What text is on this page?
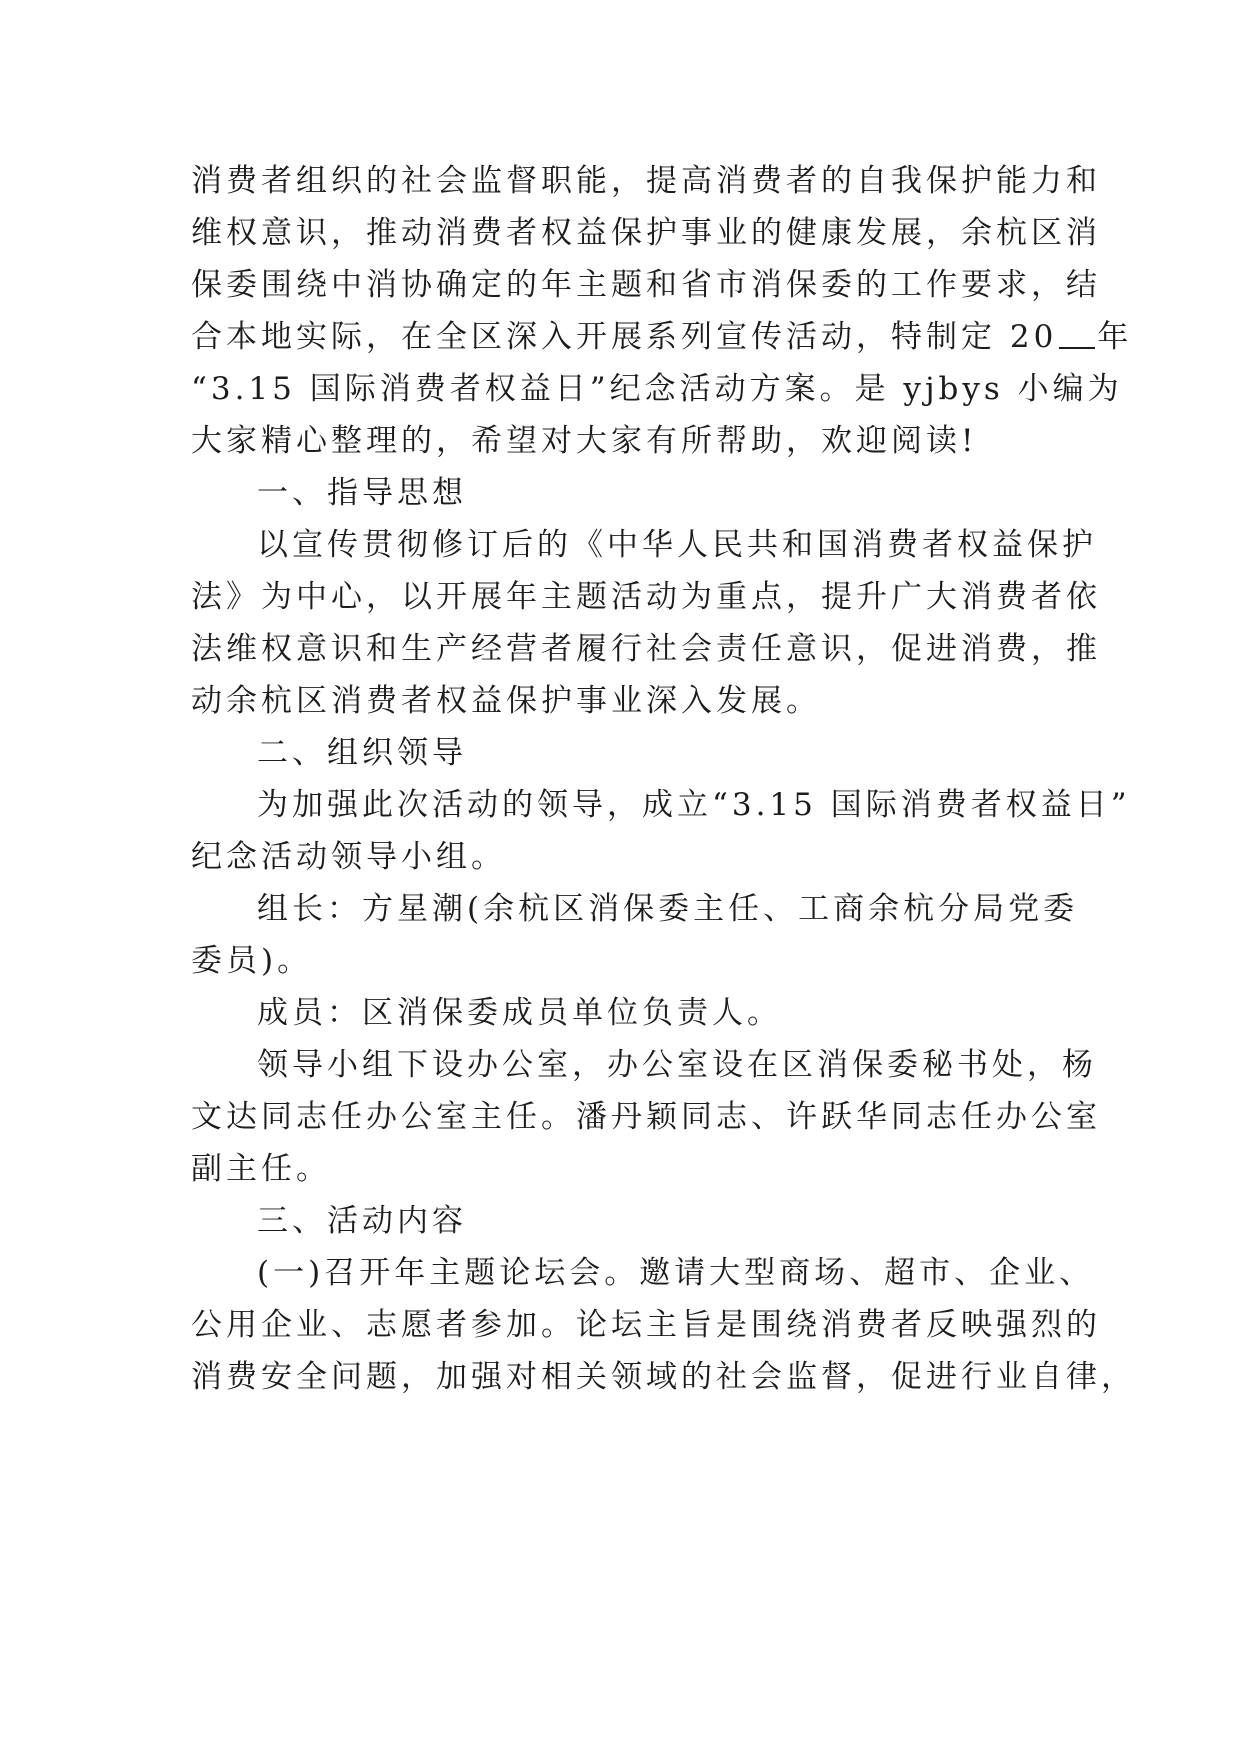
消费者组织的社会监督职能，提高消费者的自我保护能力和

维权意识，推动消费者权益保护事业的健康发展，余杭区消

保委围绕中消协确定的年主题和省市消保委的工作要求，结

合本地实际，在全区深入开展系列宣传活动，特制定 20 年

“3.15 国际消费者权益日”纪念活动方案。是 yjbys 小编为

大家精心整理的，希望对大家有所帮助，欢迎阅读!

一、指导思想

以宣传贯彻修订后的《中华人民共和国消费者权益保护

法》为中心，以开展年主题活动为重点，提升广大消费者依

法维权意识和生产经营者履行社会责任意识，促进消费，推

动余杭区消费者权益保护事业深入发展。

二、组织领导

为加强此次活动的领导，成立“3.15 国际消费者权益日”

纪念活动领导小组。

组长：方星潮(余杭区消保委主任、工商余杭分局党委

委员)。

成员：区消保委成员单位负责人。

领导小组下设办公室，办公室设在区消保委秘书处，杨

文达同志任办公室主任。潘丹颖同志、许跃华同志任办公室

副主任。

三、活动内容

(一)召开年主题论坛会。邀请大型商场、超市、企业、

公用企业、志愿者参加。论坛主旨是围绕消费者反映强烈的

消费安全问题，加强对相关领域的社会监督，促进行业自律，
